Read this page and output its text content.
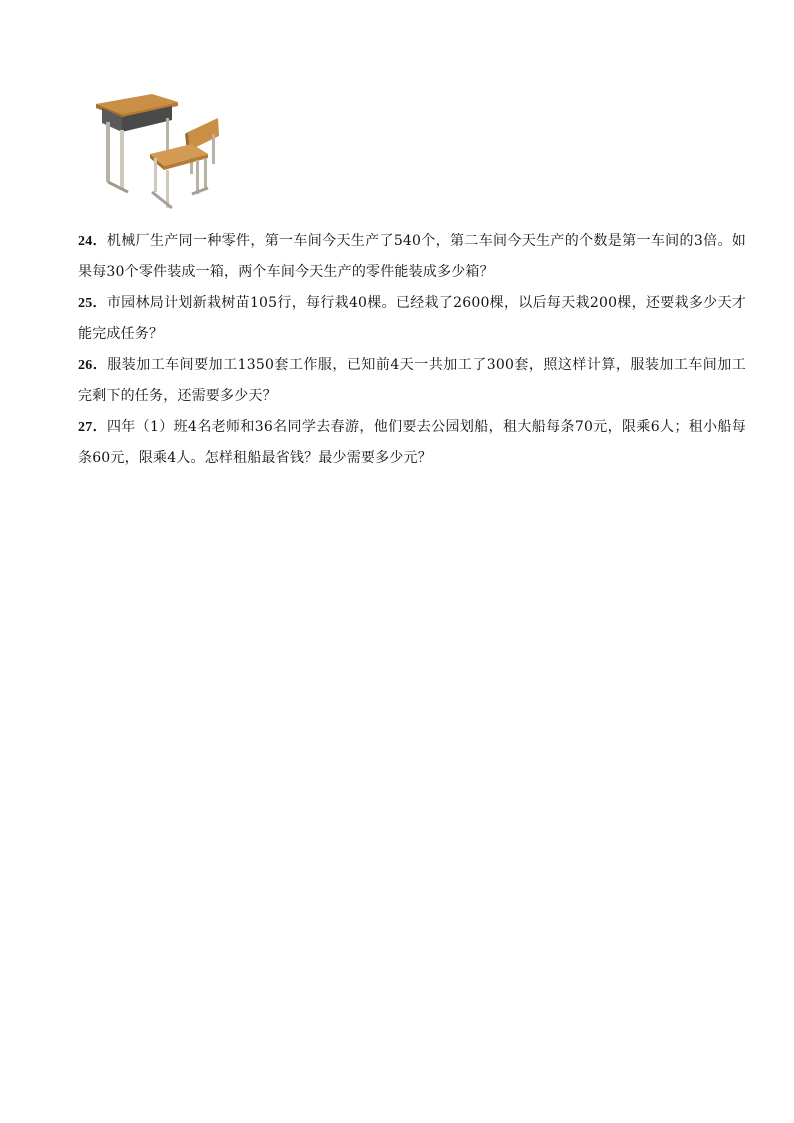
24．机械厂生产同一种零件，第一车间今天生产了540个，第二车间今天生产的个数是第一车间的3倍。如果每30个零件装成一箱，两个车间今天生产的零件能装成多少箱？

25．市园林局计划新栽树苗105行，每行栽40棵。已经栽了2600棵，以后每天栽200棵，还要栽多少天才能完成任务？

26．服装加工车间要加工1350套工作服，已知前4天一共加工了300套，照这样计算，服装加工车间加工完剩下的任务，还需要多少天？

27．四年（1）班4名老师和36名同学去春游，他们要去公园划船，租大船每条70元，限乘6人；租小船每条60元，限乘4人。怎样租船最省钱？最少需要多少元？
